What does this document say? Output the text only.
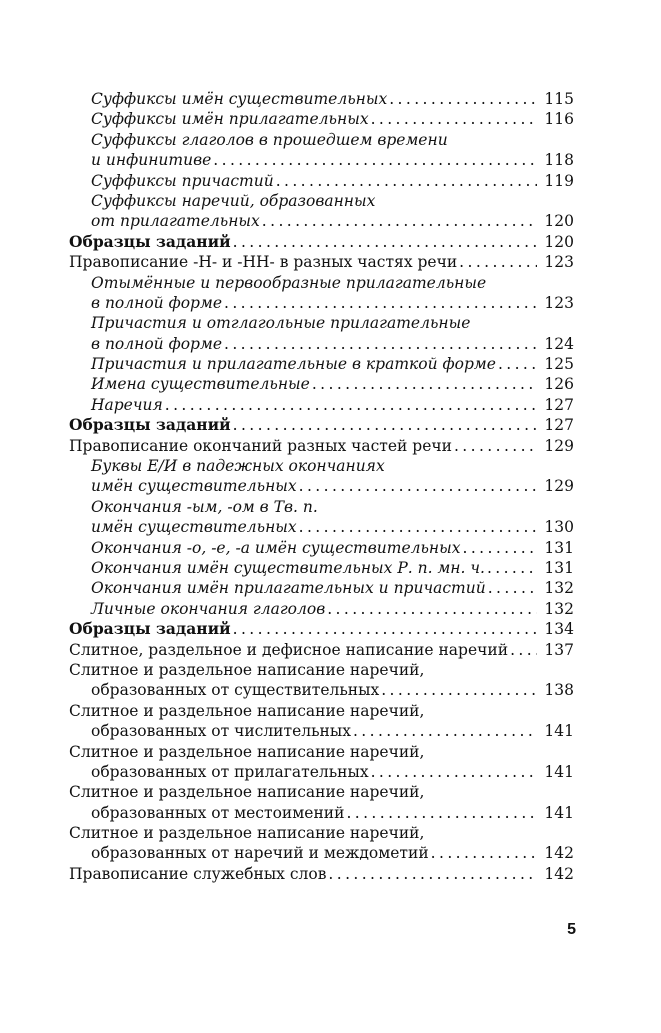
Суффиксы имён существительных .....	115
Суффиксы имён прилагательных .....	116
Суффиксы глаголов в прошедшем времени
и инфинитиве .....	118
Суффиксы причастий .....	119
Суффиксы наречий, образованных
от прилагательных .....	120
Образцы заданий .....	120
Правописание -Н- и -НН- в разных частях речи .....	123
Отымённые и первообразные прилагательные
в полной форме .....	123
Причастия и отглагольные прилагательные
в полной форме .....	124
Причастия и прилагательные в краткой форме .....	125
Имена существительные .....	126
Наречия .....	127
Образцы заданий .....	127
Правописание окончаний разных частей речи .....	129
Буквы Е/И в падежных окончаниях
имён существительных .....	129
Окончания -ым, -ом в Тв. п.
имён существительных .....	130
Окончания -о, -е, -а имён существительных .....	131
Окончания имён существительных Р. п. мн. ч. .....	131
Окончания имён прилагательных и причастий .....	132
Личные окончания глаголов .....	132
Образцы заданий .....	134
Слитное, раздельное и дефисное написание наречий ..... 137
Слитное и раздельное написание наречий,
образованных от существительных .....	138
Слитное и раздельное написание наречий,
образованных от числительных .....	141
Слитное и раздельное написание наречий,
образованных от прилагательных .....	141
Слитное и раздельное написание наречий,
образованных от местоимений .....	141
Слитное и раздельное написание наречий,
образованных от наречий и междометий .....	142
Правописание служебных слов .....	142
5
